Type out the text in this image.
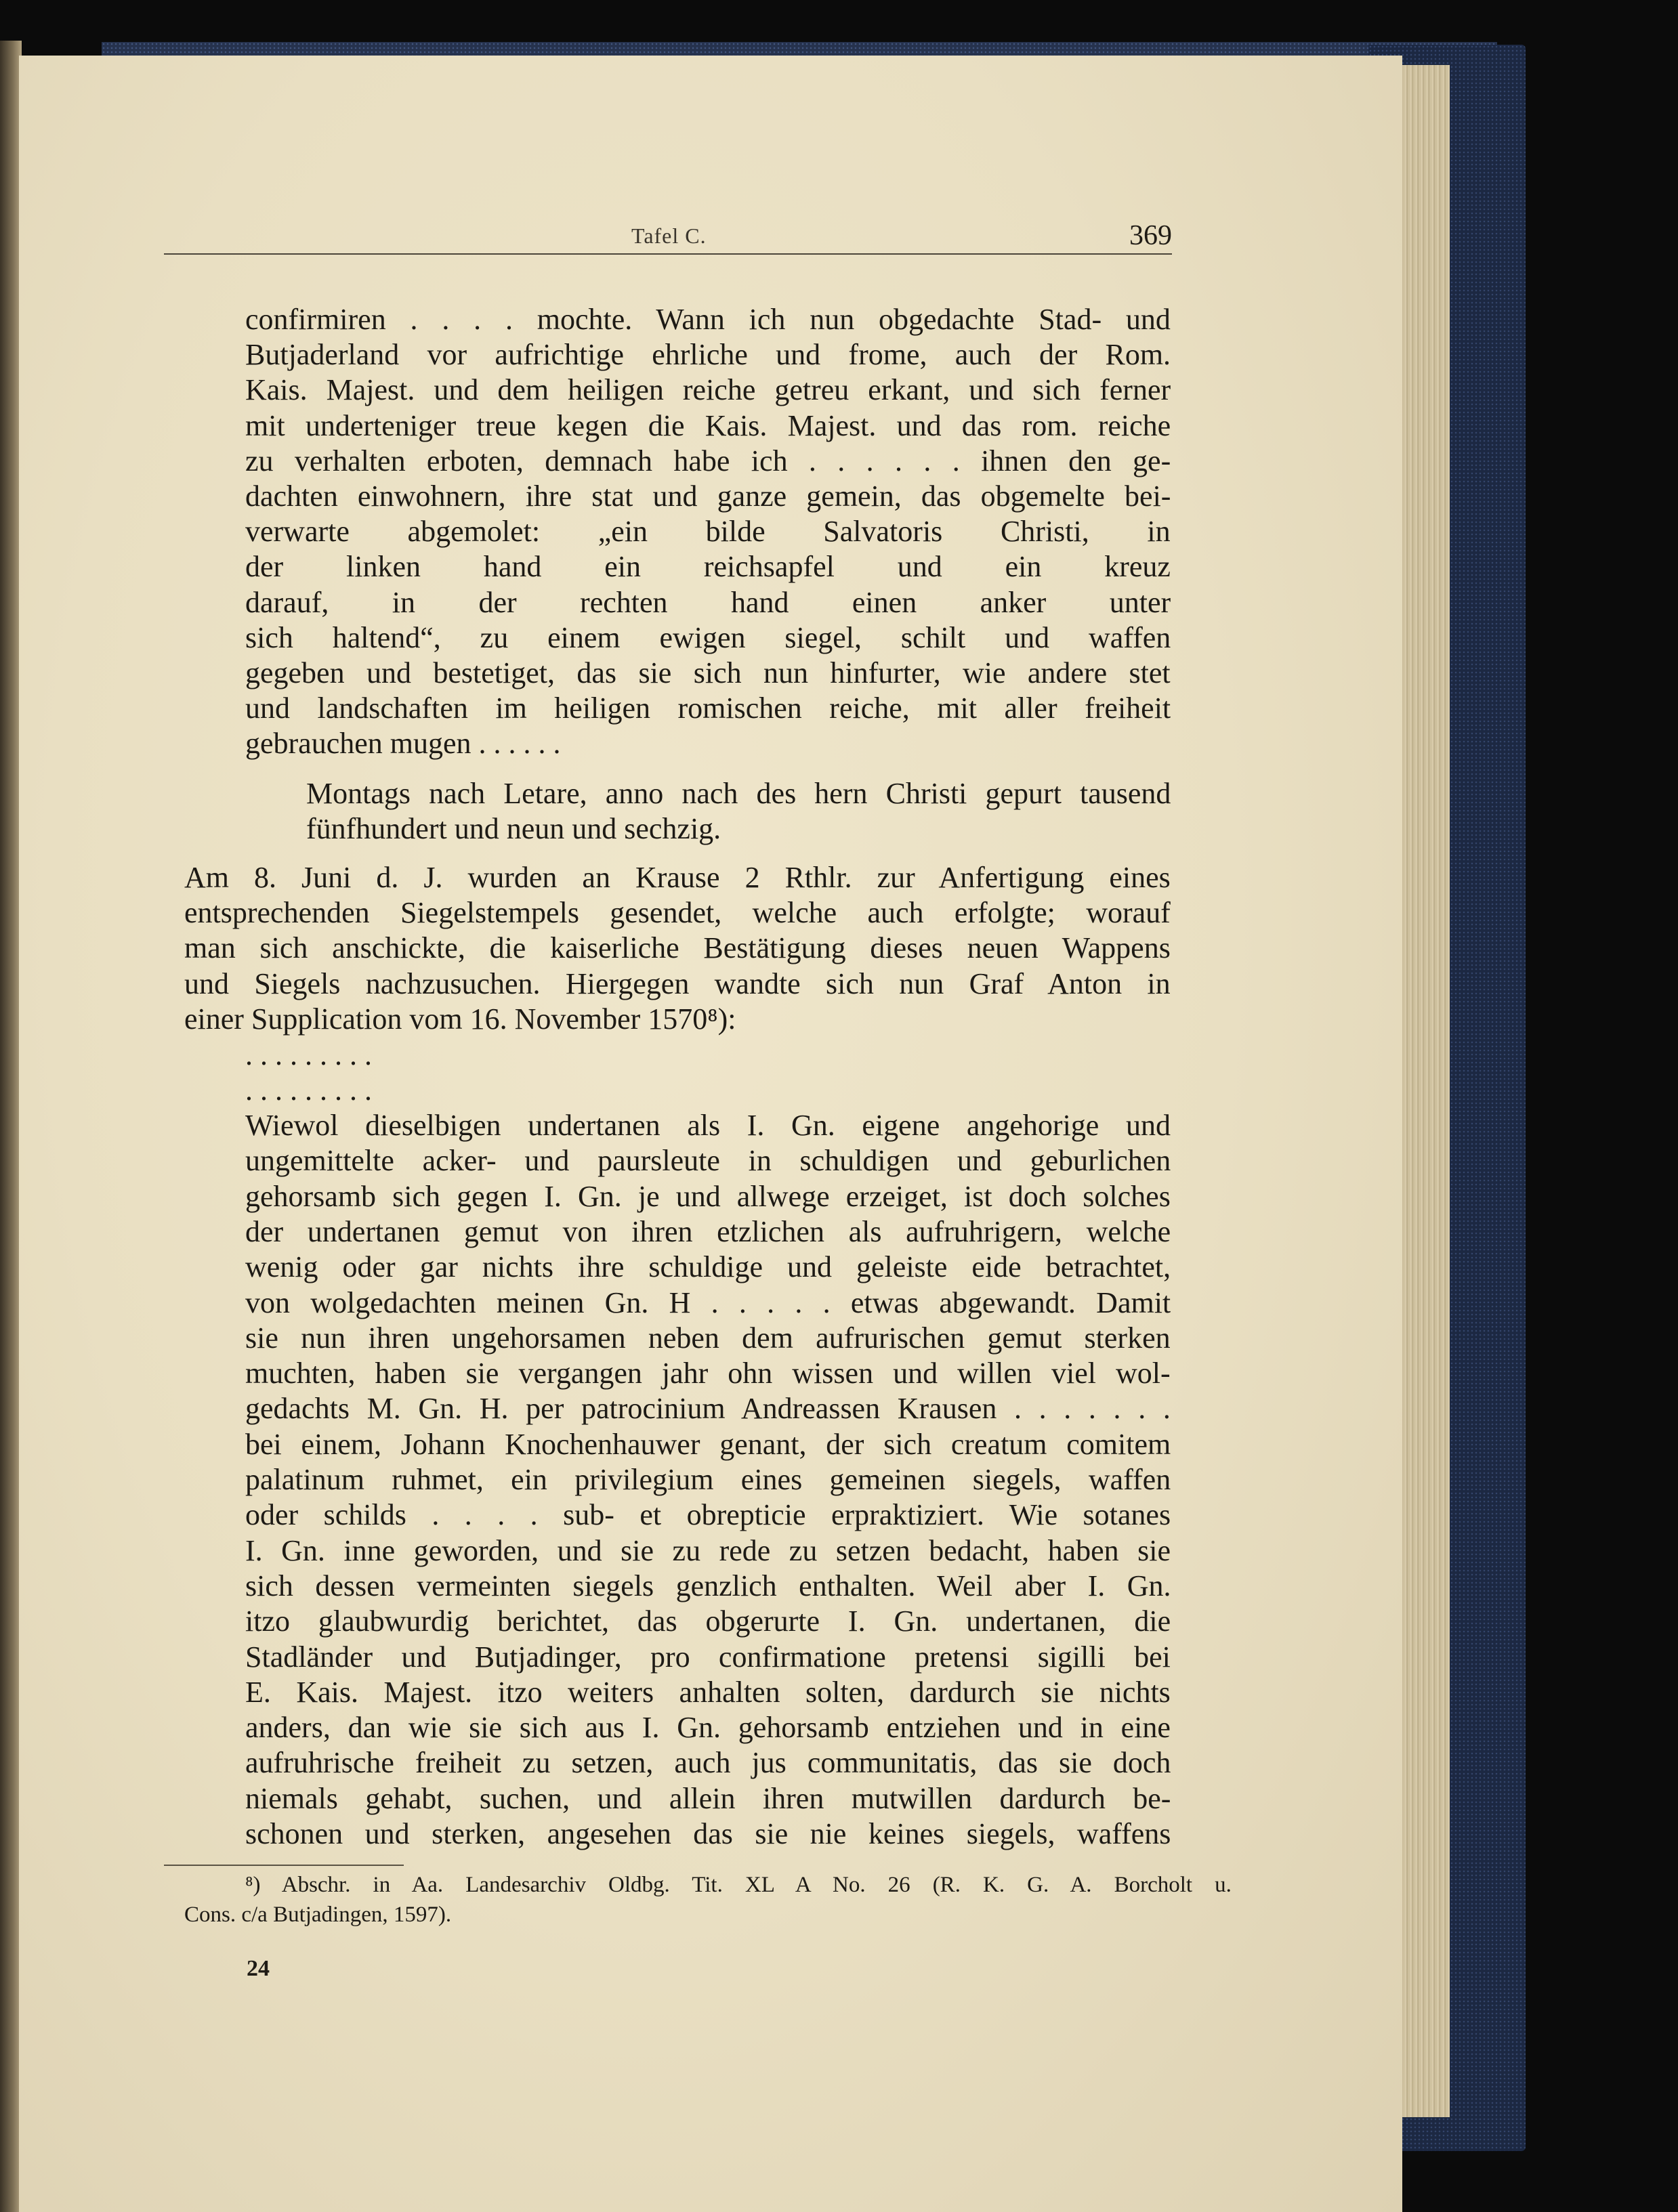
Tafel C.	369
confirmiren . . . . mochte. Wann ich nun obgedachte Stad- und
Butjaderland vor aufrichtige ehrliche und frome, auch der Rom.
Kais. Majest. und dem heiligen reiche getreu erkant, und sich ferner
mit underteniger treue kegen die Kais. Majest. und das rom. reiche
zu verhalten erboten, demnach habe ich . . . . . . ihnen den ge-
dachten einwohnern, ihre stat und ganze gemein, das obgemelte bei-
verwarte abgemolet: „ein bilde Salvatoris Christi, in
der linken hand ein reichsapfel und ein kreuz
darauf, in der rechten hand einen anker unter
sich haltend“, zu einem ewigen siegel, schilt und waffen
gegeben und bestetiget, das sie sich nun hinfurter, wie andere stet
und landschaften im heiligen romischen reiche, mit aller freiheit
gebrauchen mugen . . . . . .
Montags nach Letare, anno nach des hern Christi gepurt tausend
fünfhundert und neun und sechzig.
Am 8. Juni d. J. wurden an Krause 2 Rthlr. zur Anfertigung eines
entsprechenden Siegelstempels gesendet, welche auch erfolgte; worauf
man sich anschickte, die kaiserliche Bestätigung dieses neuen Wappens
und Siegels nachzusuchen. Hiergegen wandte sich nun Graf Anton in
einer Supplication vom 16. November 1570⁸):
. . . . . . . . .
. . . . . . . . .
Wiewol dieselbigen undertanen als I. Gn. eigene angehorige und
ungemittelte acker- und paursleute in schuldigen und geburlichen
gehorsamb sich gegen I. Gn. je und allwege erzeiget, ist doch solches
der undertanen gemut von ihren etzlichen als aufruhrigern, welche
wenig oder gar nichts ihre schuldige und geleiste eide betrachtet,
von wolgedachten meinen Gn. H . . . . . etwas abgewandt. Damit
sie nun ihren ungehorsamen neben dem aufrurischen gemut sterken
muchten, haben sie vergangen jahr ohn wissen und willen viel wol-
gedachts M. Gn. H. per patrocinium Andreassen Krausen . . . . . . .
bei einem, Johann Knochenhauwer genant, der sich creatum comitem
palatinum ruhmet, ein privilegium eines gemeinen siegels, waffen
oder schilds . . . . sub- et obrepticie erpraktiziert. Wie sotanes
I. Gn. inne geworden, und sie zu rede zu setzen bedacht, haben sie
sich dessen vermeinten siegels genzlich enthalten. Weil aber I. Gn.
itzo glaubwurdig berichtet, das obgerurte I. Gn. undertanen, die
Stadländer und Butjadinger, pro confirmatione pretensi sigilli bei
E. Kais. Majest. itzo weiters anhalten solten, dardurch sie nichts
anders, dan wie sie sich aus I. Gn. gehorsamb entziehen und in eine
aufruhrische freiheit zu setzen, auch jus communitatis, das sie doch
niemals gehabt, suchen, und allein ihren mutwillen dardurch be-
schonen und sterken, angesehen das sie nie keines siegels, waffens
⁸) Abschr. in Aa. Landesarchiv Oldbg. Tit. XL A No. 26 (R. K. G. A. Borcholt u.
Cons. c/a Butjadingen, 1597).
24
